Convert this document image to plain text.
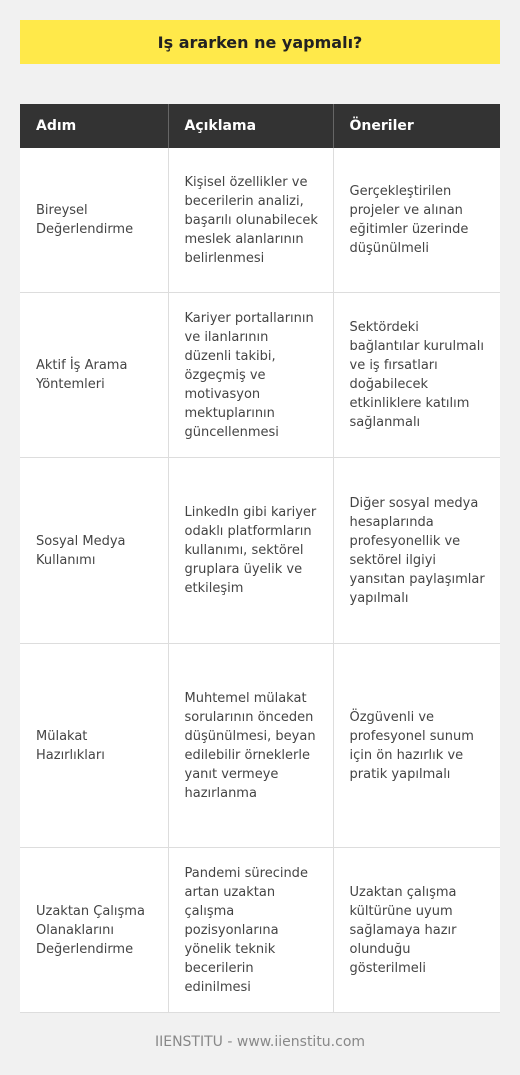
Iş ararken ne yapmalı?
Adım	Açıklama	Öneriler
Bireysel Değerlendirme	Kişisel özellikler ve becerilerin analizi, başarılı olunabilecek meslek alanlarının belirlenmesi	Gerçekleştirilen projeler ve alınan eğitimler üzerinde düşünülmeli
Aktif İş Arama Yöntemleri	Kariyer portallarının ve ilanlarının düzenli takibi, özgeçmiş ve motivasyon mektuplarının güncellenmesi	Sektördeki bağlantılar kurulmalı ve iş fırsatları doğabilecek etkinliklere katılım sağlanmalı
Sosyal Medya Kullanımı	LinkedIn gibi kariyer odaklı platformların kullanımı, sektörel gruplara üyelik ve etkileşim	Diğer sosyal medya hesaplarında profesyonellik ve sektörel ilgiyi yansıtan paylaşımlar yapılmalı
Mülakat Hazırlıkları	Muhtemel mülakat sorularının önceden düşünülmesi, beyan edilebilir örneklerle yanıt vermeye hazırlanma	Özgüvenli ve profesyonel sunum için ön hazırlık ve pratik yapılmalı
Uzaktan Çalışma Olanaklarını Değerlendirme	Pandemi sürecinde artan uzaktan çalışma pozisyonlarına yönelik teknik becerilerin edinilmesi	Uzaktan çalışma kültürüne uyum sağlamaya hazır olunduğu gösterilmeli
IIENSTITU - www.iienstitu.com
